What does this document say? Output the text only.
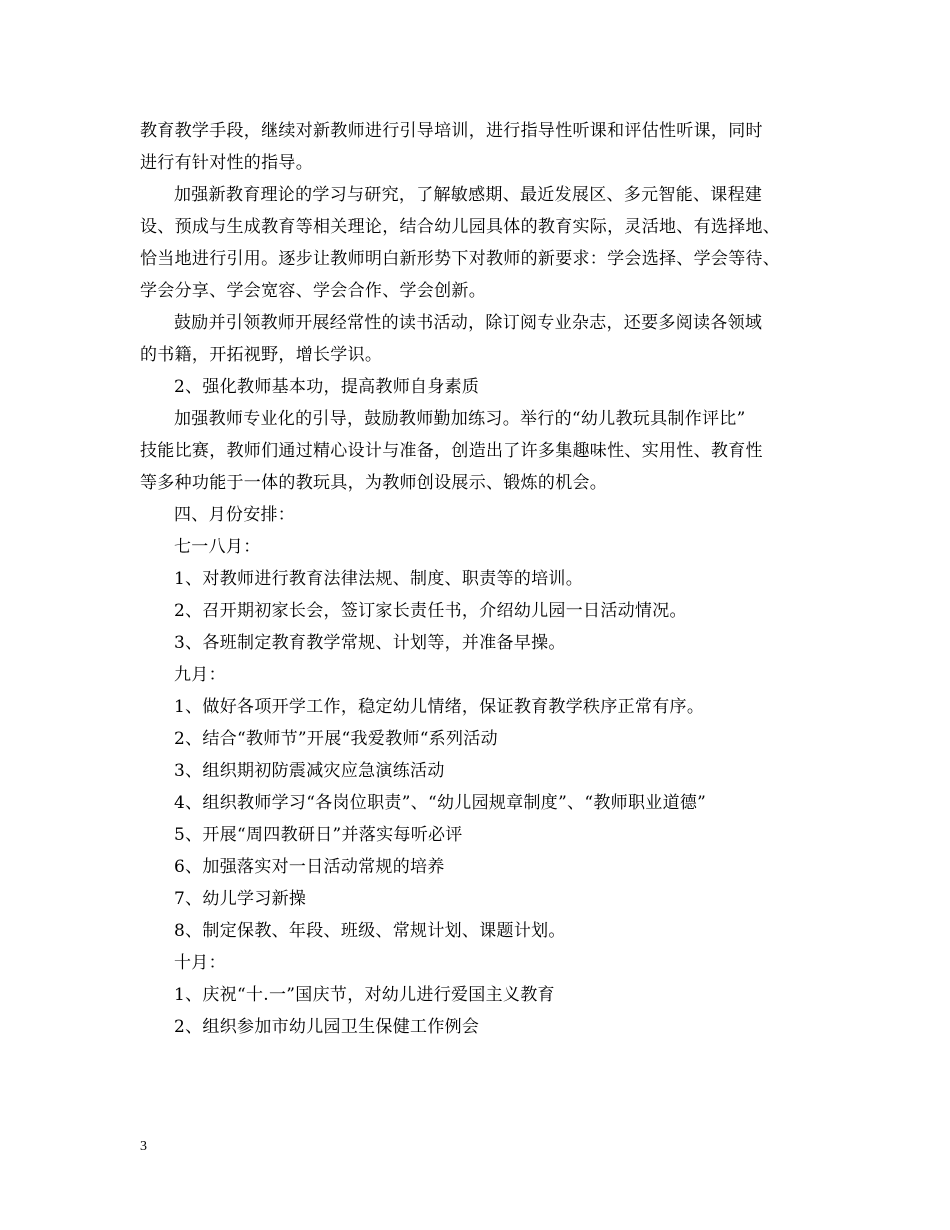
教育教学手段，继续对新教师进行引导培训，进行指导性听课和评估性听课，同时
进行有针对性的指导。
加强新教育理论的学习与研究，了解敏感期、最近发展区、多元智能、课程建
设、预成与生成教育等相关理论，结合幼儿园具体的教育实际，灵活地、有选择地、
恰当地进行引用。逐步让教师明白新形势下对教师的新要求：学会选择、学会等待、
学会分享、学会宽容、学会合作、学会创新。
鼓励并引领教师开展经常性的读书活动，除订阅专业杂志，还要多阅读各领域
的书籍，开拓视野，增长学识。
2、强化教师基本功，提高教师自身素质
加强教师专业化的引导，鼓励教师勤加练习。举行的“幼儿教玩具制作评比”
技能比赛，教师们通过精心设计与准备，创造出了许多集趣味性、实用性、教育性
等多种功能于一体的教玩具，为教师创设展示、锻炼的机会。
四、月份安排：
七一八月：
1、对教师进行教育法律法规、制度、职责等的培训。
2、召开期初家长会，签订家长责任书，介绍幼儿园一日活动情况。
3、各班制定教育教学常规、计划等，并准备早操。
九月：
1、做好各项开学工作，稳定幼儿情绪，保证教育教学秩序正常有序。
2、结合“教师节”开展“我爱教师“系列活动
3、组织期初防震减灾应急演练活动
4、组织教师学习“各岗位职责”、“幼儿园规章制度”、“教师职业道德”
5、开展“周四教研日”并落实每听必评
6、加强落实对一日活动常规的培养
7、幼儿学习新操
8、制定保教、年段、班级、常规计划、课题计划。
十月：
1、庆祝“十.一”国庆节，对幼儿进行爱国主义教育
2、组织参加市幼儿园卫生保健工作例会
3
